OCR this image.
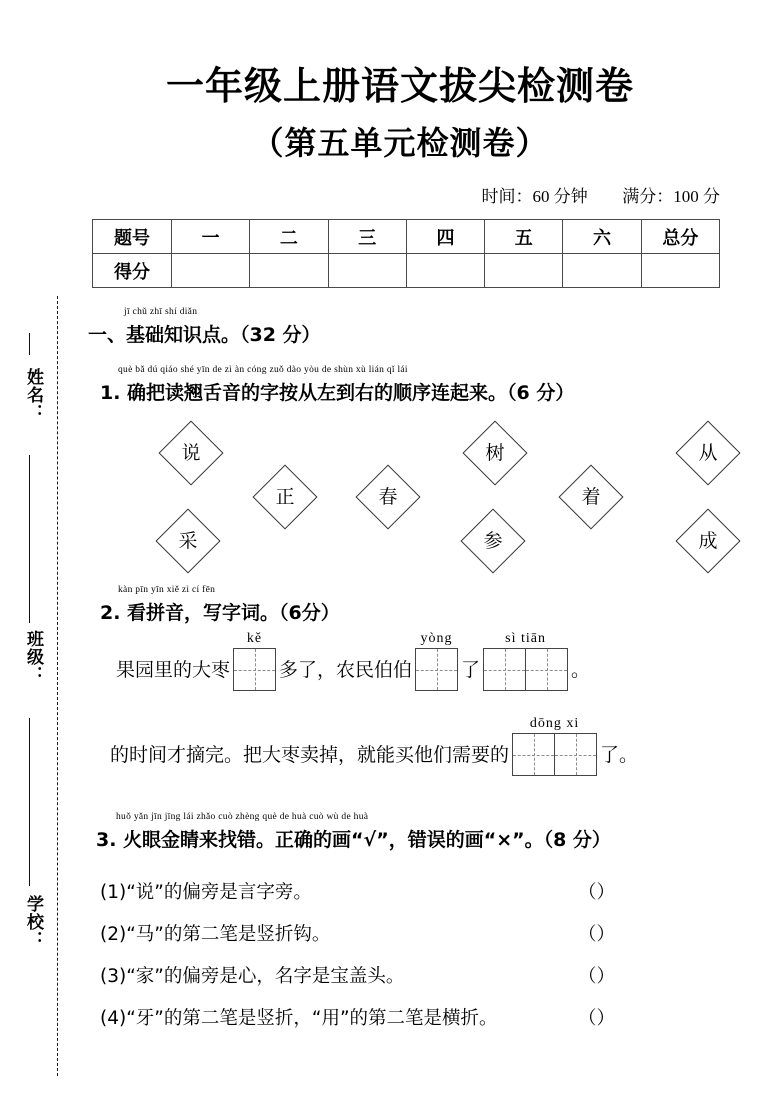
姓名：
班级：
学校：
一年级上册语文拔尖检测卷
（第五单元检测卷）
时间：60 分钟 满分：100 分
题号	一	二	三	四	五	六	总分
得分							
jī chǔ zhī shí diǎn
一、基础知识点。（32 分）
què bǎ dú qiáo shé yīn de zì àn cóng zuǒ dào yòu de shùn xù lián qǐ lái
1. 确把读翘舌音的字按从左到右的顺序连起来。（6 分）
说
正	春
树
着
从
采	参	成
kàn pīn yīn xiě zì cí fēn
2. 看拼音，写字词。（6分）
果园里的大枣
kě
多了，农民伯伯
yòng
了
sì tiān
。
的时间才摘完。把大枣卖掉，就能买他们需要的
dōng xi
了。
huǒ yǎn jīn jīng lái zhǎo cuò zhèng què de huà cuò wù de huà
3. 火眼金睛来找错。正确的画“√”，错误的画“×”。（8 分）
(1)“说”的偏旁是言字旁。	（）
(2)“马”的第二笔是竖折钩。	（）
(3)“家”的偏旁是心，名字是宝盖头。	（）
(4)“牙”的第二笔是竖折，“用”的第二笔是横折。	（）
